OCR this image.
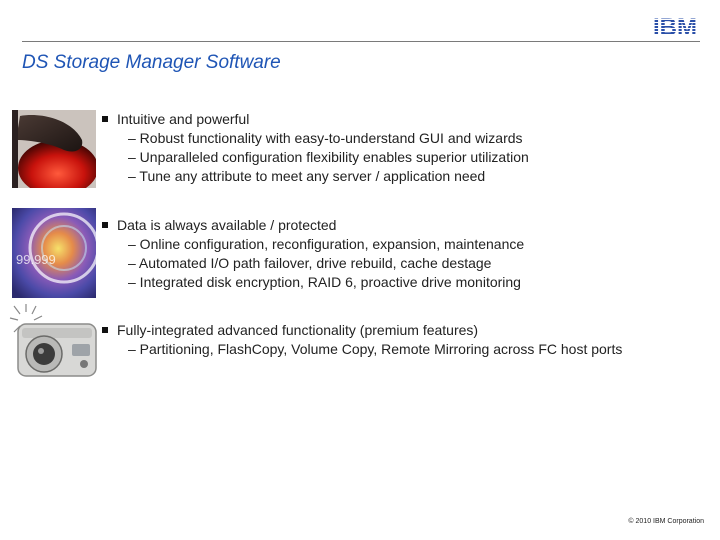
IBM
DS Storage Manager Software
99.999
Intuitive and powerful
– Robust functionality with easy-to-understand GUI and wizards
– Unparalleled configuration flexibility enables superior utilization
– Tune any attribute to meet any server / application need
Data is always available / protected
– Online configuration, reconfiguration, expansion, maintenance
– Automated I/O path failover, drive rebuild, cache destage
– Integrated disk encryption, RAID 6, proactive drive monitoring
Fully-integrated advanced functionality (premium features)
– Partitioning, FlashCopy, Volume Copy, Remote Mirroring across FC host ports
© 2010 IBM Corporation
